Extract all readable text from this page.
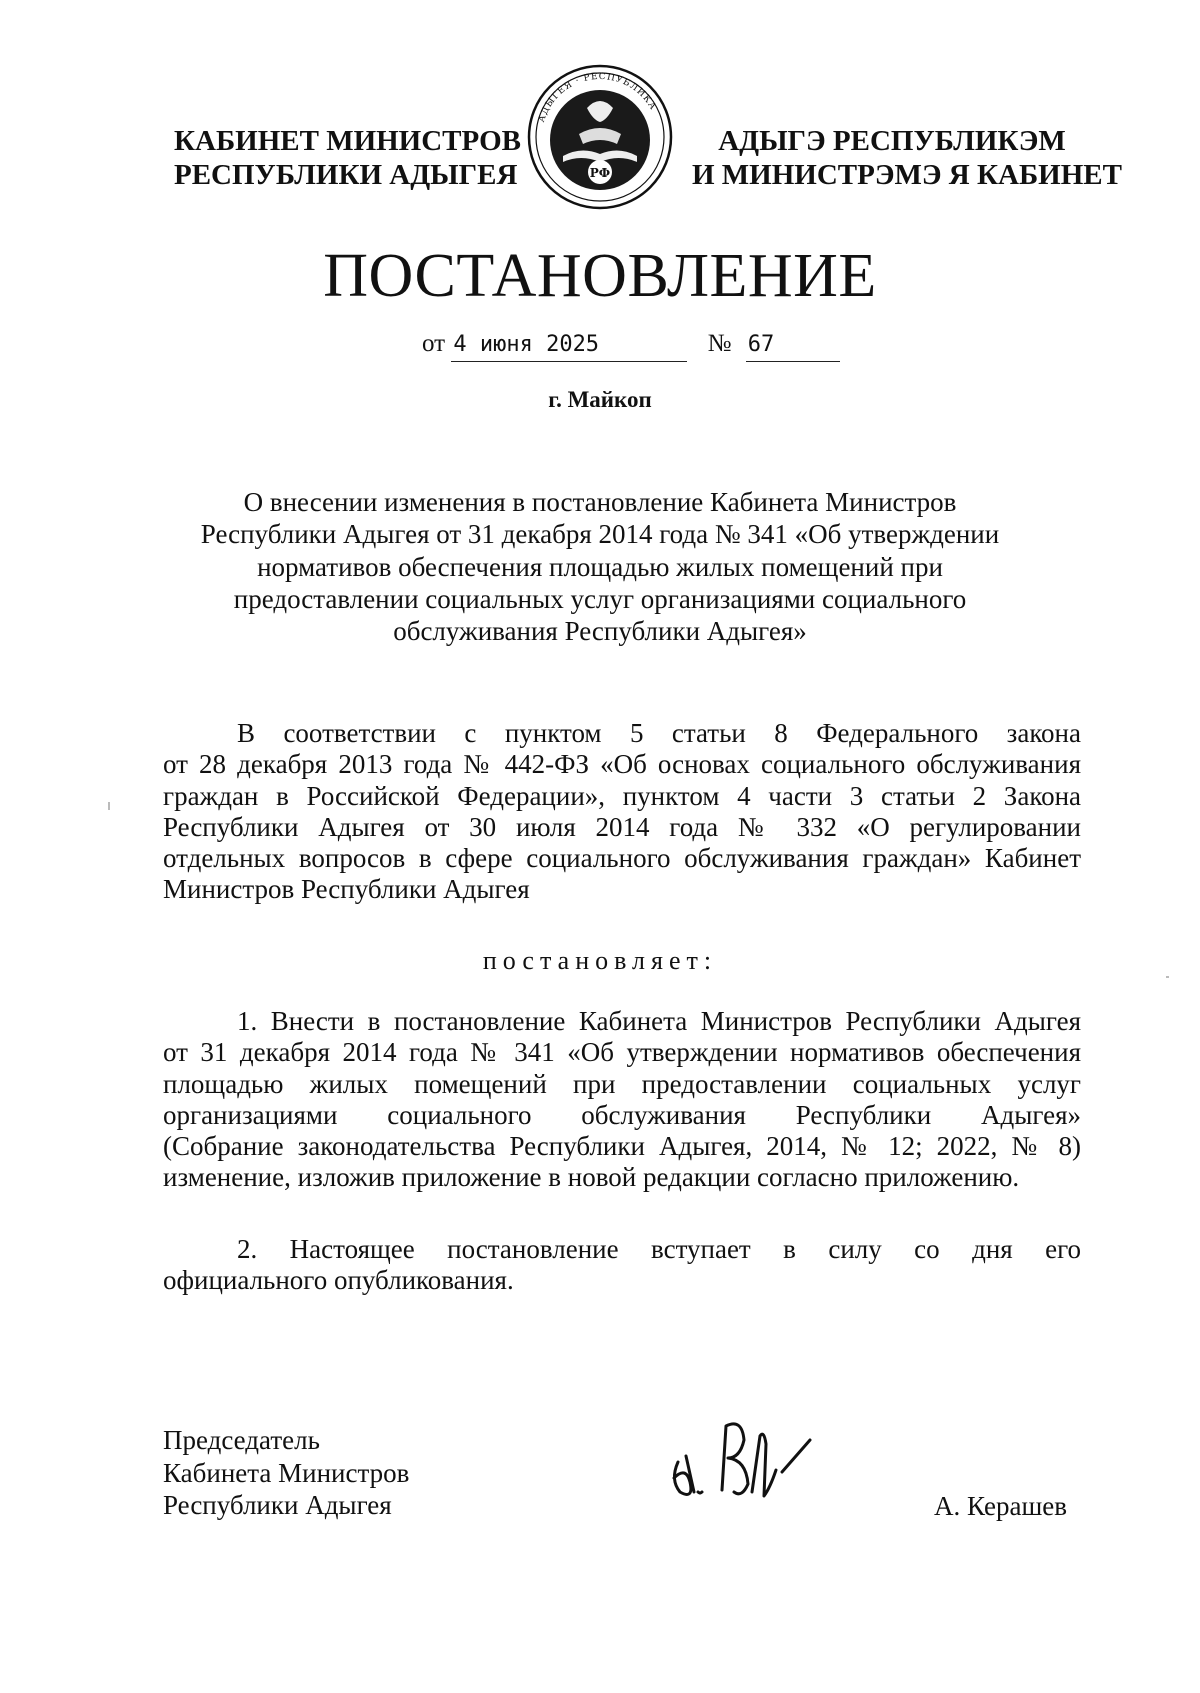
КАБИНЕТ МИНИСТРОВ
РЕСПУБЛИКИ АДЫГЕЯ
АДЫГЕЯ · РЕСПУБЛИКА
РФ
АДЫГЭ РЕСПУБЛИКЭМ
И МИНИСТРЭМЭ Я КАБИНЕТ
ПОСТАНОВЛЕНИЕ
от 4 июня 2025	№ 67
г. Майкоп
О внесении изменения в постановление Кабинета Министров
Республики Адыгея от 31 декабря 2014 года № 341 «Об утверждении
нормативов обеспечения площадью жилых помещений при
предоставлении социальных услуг организациями социального
обслуживания Республики Адыгея»
В соответствии с пунктом 5 статьи 8 Федерального закона
от 28 декабря 2013 года № 442-ФЗ «Об основах социального обслуживания
граждан в Российской Федерации», пунктом 4 части 3 статьи 2 Закона
Республики Адыгея от 30 июля 2014 года № 332 «О регулировании
отдельных вопросов в сфере социального обслуживания граждан» Кабинет
Министров Республики Адыгея
постановляет:
1. Внести в постановление Кабинета Министров Республики Адыгея
от 31 декабря 2014 года № 341 «Об утверждении нормативов обеспечения
площадью жилых помещений при предоставлении социальных услуг
организациями социального обслуживания Республики Адыгея»
(Собрание законодательства Республики Адыгея, 2014, № 12; 2022, № 8)
изменение, изложив приложение в новой редакции согласно приложению.
2. Настоящее постановление вступает в силу со дня его
официального опубликования.
Председатель
Кабинета Министров
Республики Адыгея	А. Керашев
